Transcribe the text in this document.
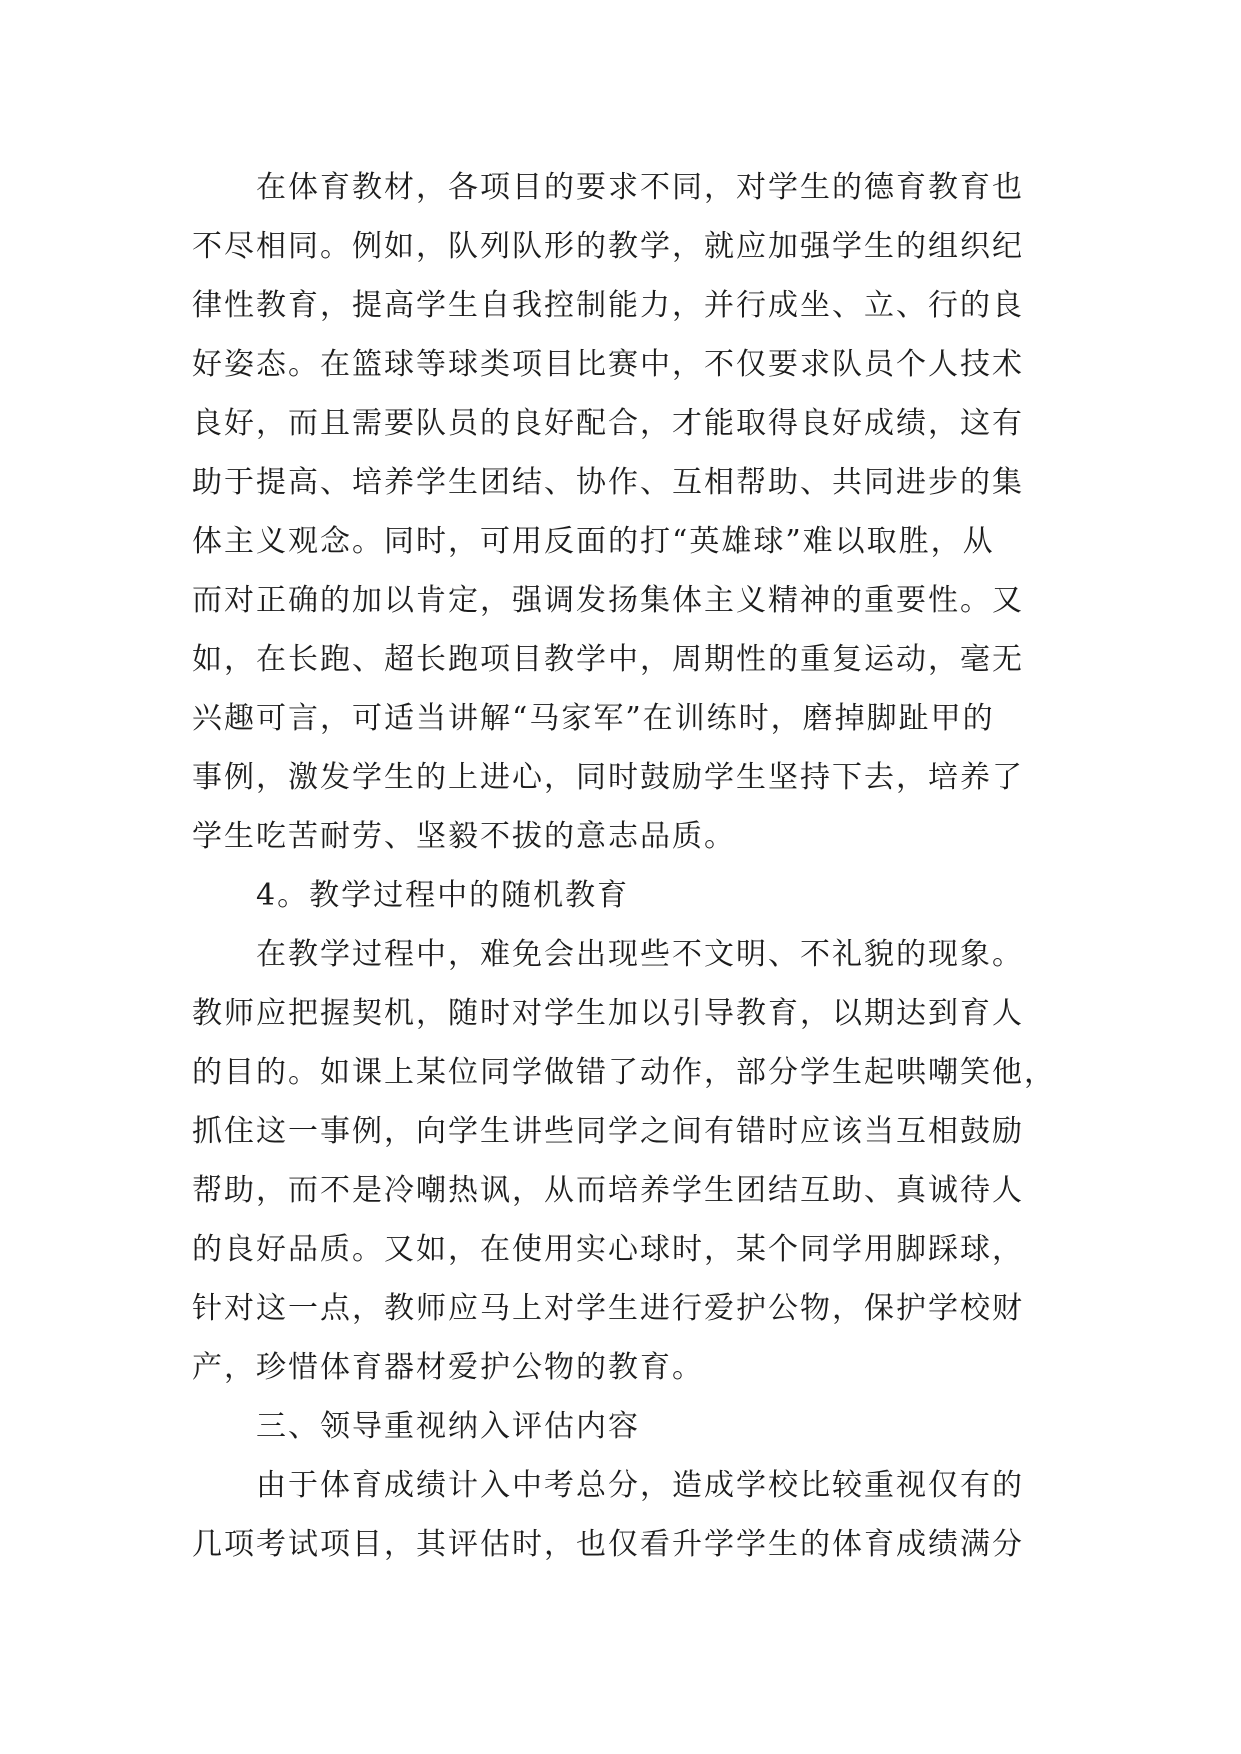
在体育教材，各项目的要求不同，对学生的德育教育也
不尽相同。例如，队列队形的教学，就应加强学生的组织纪
律性教育，提高学生自我控制能力，并行成坐、立、行的良
好姿态。在篮球等球类项目比赛中，不仅要求队员个人技术
良好，而且需要队员的良好配合，才能取得良好成绩，这有
助于提高、培养学生团结、协作、互相帮助、共同进步的集
体主义观念。同时，可用反面的打“英雄球”难以取胜，从
而对正确的加以肯定，强调发扬集体主义精神的重要性。又
如，在长跑、超长跑项目教学中，周期性的重复运动，毫无
兴趣可言，可适当讲解“马家军”在训练时，磨掉脚趾甲的
事例，激发学生的上进心，同时鼓励学生坚持下去，培养了
学生吃苦耐劳、坚毅不拔的意志品质。
4。教学过程中的随机教育
在教学过程中，难免会出现些不文明、不礼貌的现象。
教师应把握契机，随时对学生加以引导教育，以期达到育人
的目的。如课上某位同学做错了动作，部分学生起哄嘲笑他，
抓住这一事例，向学生讲些同学之间有错时应该当互相鼓励
帮助，而不是冷嘲热讽，从而培养学生团结互助、真诚待人
的良好品质。又如，在使用实心球时，某个同学用脚踩球，
针对这一点，教师应马上对学生进行爱护公物，保护学校财
产，珍惜体育器材爱护公物的教育。
三、领导重视纳入评估内容
由于体育成绩计入中考总分，造成学校比较重视仅有的
几项考试项目，其评估时，也仅看升学学生的体育成绩满分
